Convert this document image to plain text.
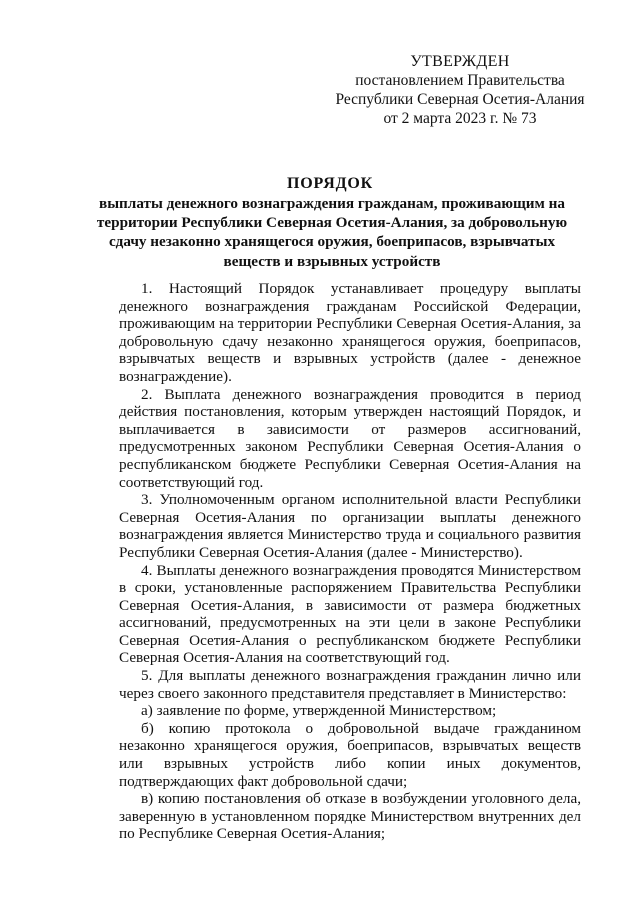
УТВЕРЖДЕН
постановлением Правительства
Республики Северная Осетия-Алания
от 2 марта 2023 г. № 73
ПОРЯДОК
выплаты денежного вознаграждения гражданам, проживающим на территории Республики Северная Осетия-Алания, за добровольную сдачу незаконно хранящегося оружия, боеприпасов, взрывчатых веществ и взрывных устройств

1. Настоящий Порядок устанавливает процедуру выплаты денежного вознаграждения гражданам Российской Федерации, проживающим на территории Республики Северная Осетия-Алания, за добровольную сдачу незаконно хранящегося оружия, боеприпасов, взрывчатых веществ и взрывных устройств (далее - денежное вознаграждение).

2. Выплата денежного вознаграждения проводится в период действия постановления, которым утвержден настоящий Порядок, и выплачивается в зависимости от размеров ассигнований, предусмотренных законом Республики Северная Осетия-Алания о республиканском бюджете Республики Северная Осетия-Алания на соответствующий год.

3. Уполномоченным органом исполнительной власти Республики Северная Осетия-Алания по организации выплаты денежного вознаграждения является Министерство труда и социального развития Республики Северная Осетия-Алания (далее - Министерство).

4. Выплаты денежного вознаграждения проводятся Министерством в сроки, установленные распоряжением Правительства Республики Северная Осетия-Алания, в зависимости от размера бюджетных ассигнований, предусмотренных на эти цели в законе Республики Северная Осетия-Алания о республиканском бюджете Республики Северная Осетия-Алания на соответствующий год.

5. Для выплаты денежного вознаграждения гражданин лично или через своего законного представителя представляет в Министерство:

а) заявление по форме, утвержденной Министерством;

б) копию протокола о добровольной выдаче гражданином незаконно хранящегося оружия, боеприпасов, взрывчатых веществ или взрывных устройств либо копии иных документов, подтверждающих факт добровольной сдачи;

в) копию постановления об отказе в возбуждении уголовного дела, заверенную в установленном порядке Министерством внутренних дел по Республике Северная Осетия-Алания;
